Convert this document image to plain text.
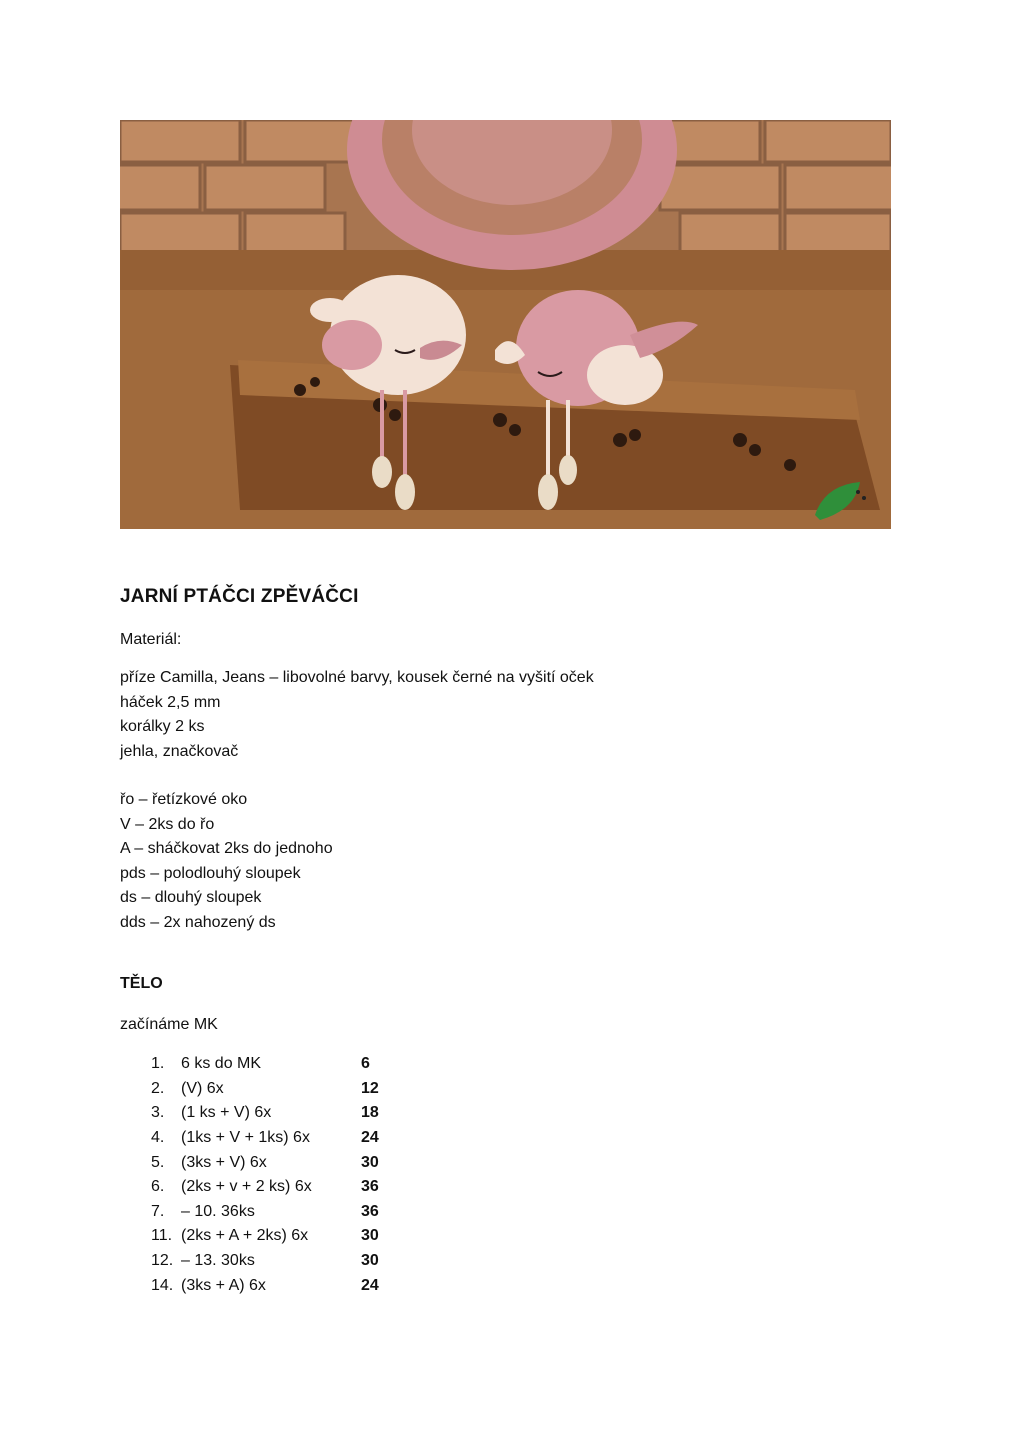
JARNÍ PTÁČCI ZPĚVÁČCI
Materiál:
příze Camilla, Jeans – libovolné barvy, kousek černé na vyšití oček
háček 2,5 mm
korálky 2 ks
jehla, značkovač
řo – řetízkové oko
V – 2ks do řo
A – sháčkovat 2ks do jednoho
pds – polodlouhý sloupek
ds – dlouhý sloupek
dds – 2x nahozený ds
TĚLO
začínáme MK
1.	6 ks do MK	6
2.	(V) 6x	12
3.	(1 ks + V) 6x	18
4.	(1ks + V + 1ks) 6x	24
5.	(3ks + V) 6x	30
6.	(2ks + v + 2 ks) 6x	36
7.	– 10. 36ks	36
11. (2ks + A + 2ks) 6x	30
12. – 13. 30ks	30
14. (3ks + A) 6x	24
